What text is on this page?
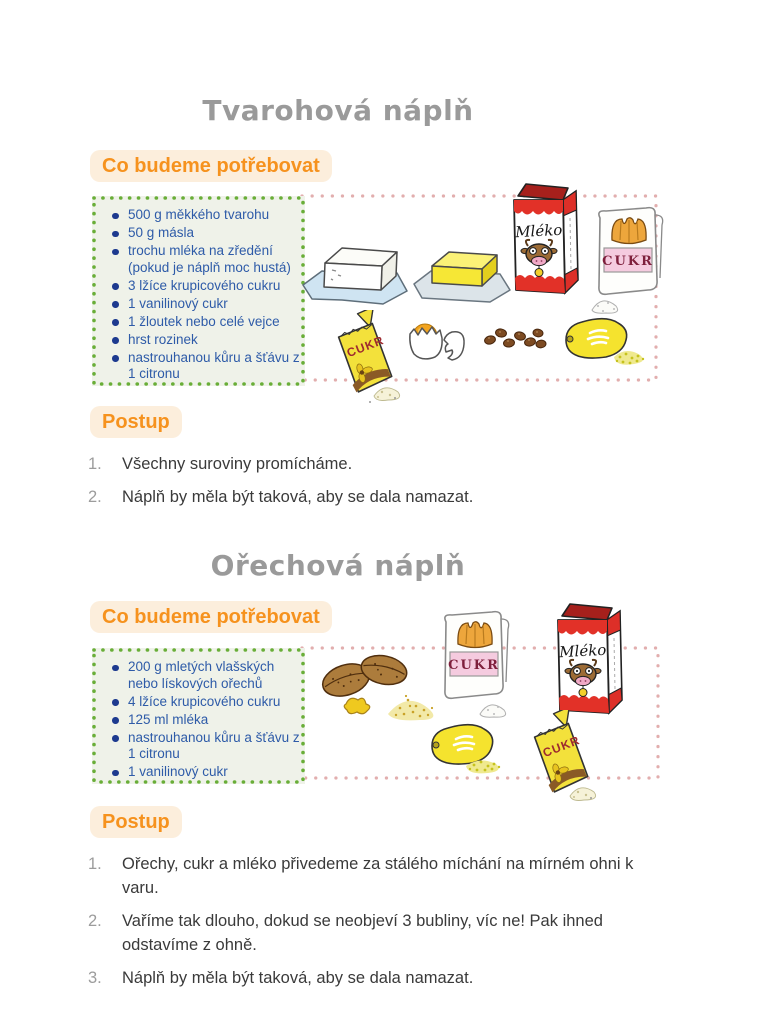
Tvarohová náplň
Co budeme potřebovat
500 g měkkého tvarohu
50 g másla
trochu mléka na zředění (pokud je náplň moc hustá)
3 lžíce krupicového cukru
1 vanilinový cukr
1 žloutek nebo celé vejce
hrst rozinek
nastrouhanou kůru a šťávu z 1 citronu
Mléko
CUKR
CUKR
Postup
1.	Všechny suroviny promícháme.
2.	Náplň by měla být taková, aby se dala namazat.
Ořechová náplň
Co budeme potřebovat
200 g mletých vlašských nebo lískových ořechů
4 lžíce krupicového cukru
125 ml mléka
nastrouhanou kůru a šťávu z 1 citronu
1 vanilinový cukr
CUKR
Mléko
CUKR
Postup
1.	Ořechy, cukr a mléko přivedeme za stálého míchání na mírném ohni k varu.
2.	Vaříme tak dlouho, dokud se neobjeví 3 bubliny, víc ne! Pak ihned odstavíme z ohně.
3.	Náplň by měla být taková, aby se dala namazat.
